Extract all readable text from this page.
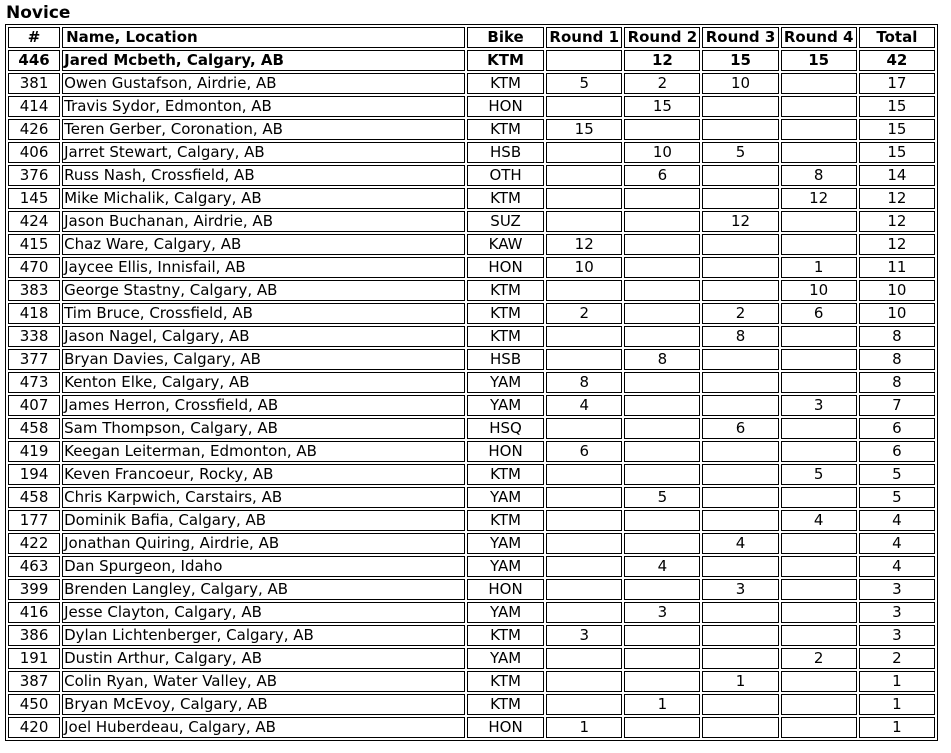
Novice
#	Name, Location	Bike	Round 1	Round 2	Round 3	Round 4	Total
446	Jared Mcbeth, Calgary, AB	KTM		12	15	15	42
381	Owen Gustafson, Airdrie, AB	KTM	5	2	10		17
414	Travis Sydor, Edmonton, AB	HON		15			15
426	Teren Gerber, Coronation, AB	KTM	15				15
406	Jarret Stewart, Calgary, AB	HSB		10	5		15
376	Russ Nash, Crossfield, AB	OTH		6		8	14
145	Mike Michalik, Calgary, AB	KTM				12	12
424	Jason Buchanan, Airdrie, AB	SUZ			12		12
415	Chaz Ware, Calgary, AB	KAW	12				12
470	Jaycee Ellis, Innisfail, AB	HON	10			1	11
383	George Stastny, Calgary, AB	KTM				10	10
418	Tim Bruce, Crossfield, AB	KTM	2		2	6	10
338	Jason Nagel, Calgary, AB	KTM			8		8
377	Bryan Davies, Calgary, AB	HSB		8			8
473	Kenton Elke, Calgary, AB	YAM	8				8
407	James Herron, Crossfield, AB	YAM	4			3	7
458	Sam Thompson, Calgary, AB	HSQ			6		6
419	Keegan Leiterman, Edmonton, AB	HON	6				6
194	Keven Francoeur, Rocky, AB	KTM				5	5
458	Chris Karpwich, Carstairs, AB	YAM		5			5
177	Dominik Bafia, Calgary, AB	KTM				4	4
422	Jonathan Quiring, Airdrie, AB	YAM			4		4
463	Dan Spurgeon, Idaho	YAM		4			4
399	Brenden Langley, Calgary, AB	HON			3		3
416	Jesse Clayton, Calgary, AB	YAM		3			3
386	Dylan Lichtenberger, Calgary, AB	KTM	3				3
191	Dustin Arthur, Calgary, AB	YAM				2	2
387	Colin Ryan, Water Valley, AB	KTM			1		1
450	Bryan McEvoy, Calgary, AB	KTM		1			1
420	Joel Huberdeau, Calgary, AB	HON	1				1
